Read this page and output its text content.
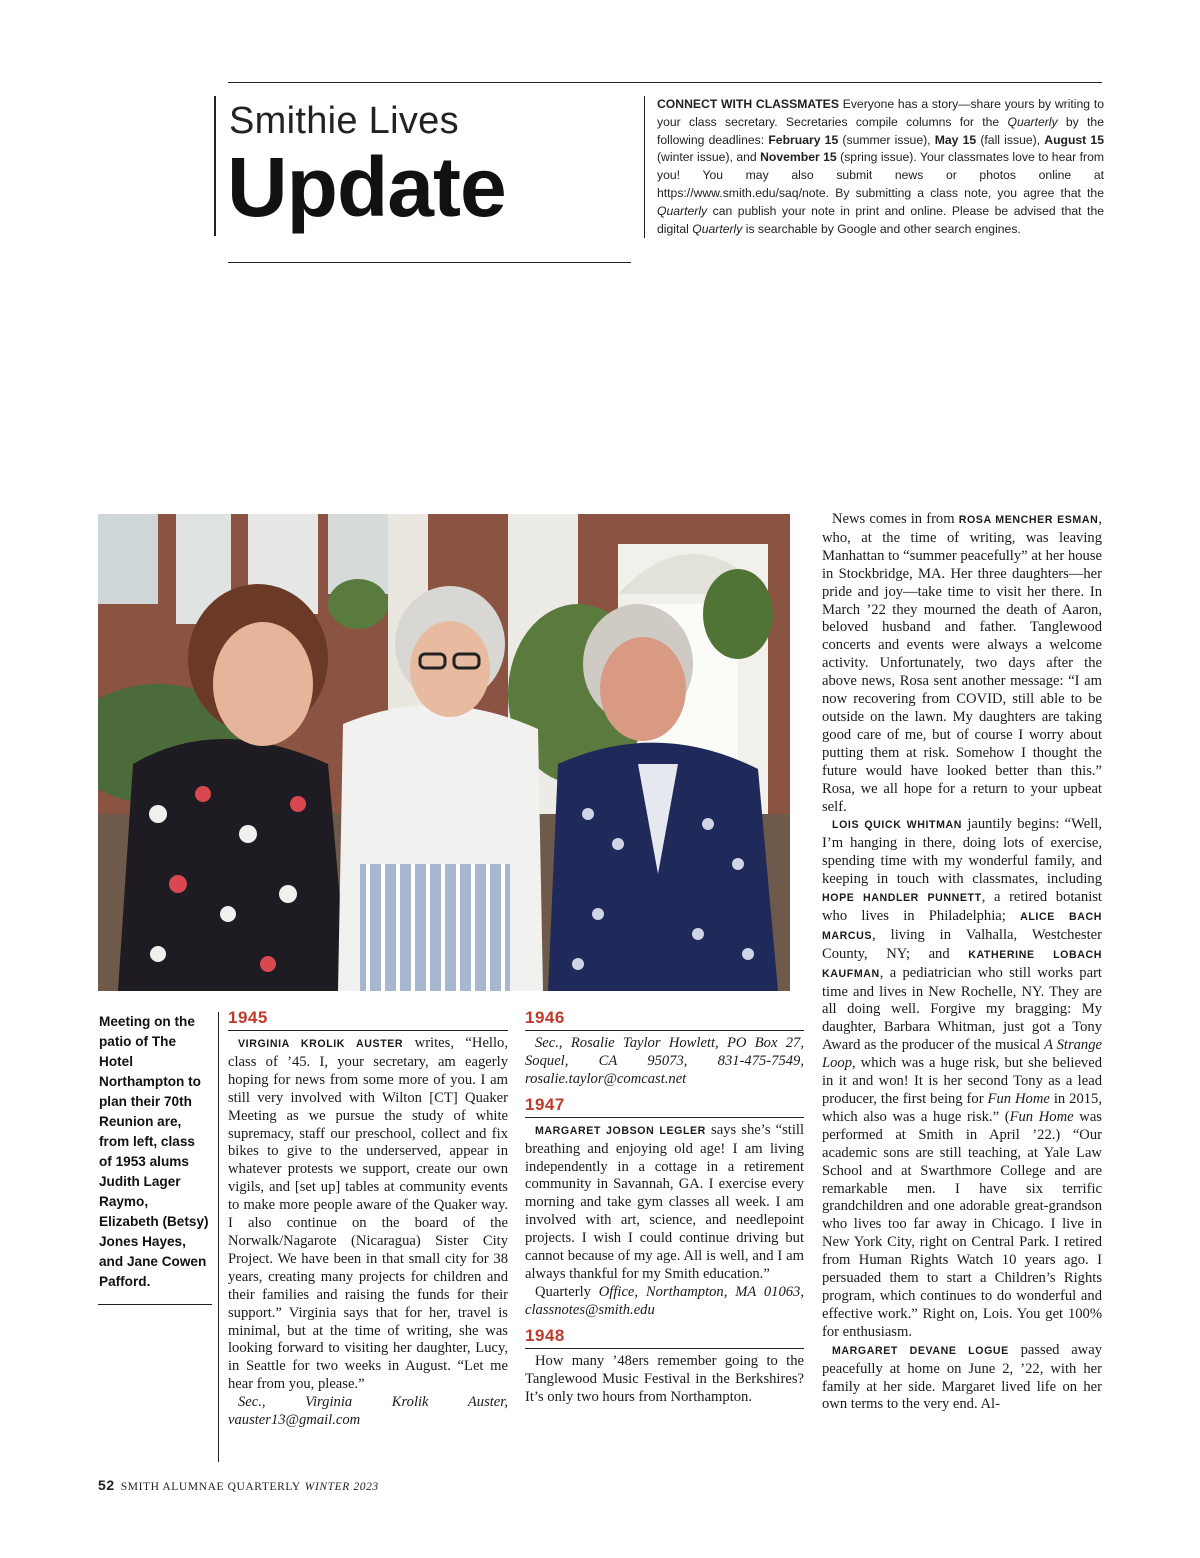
Smithie Lives
Update
CONNECT WITH CLASSMATES Everyone has a story—share yours by writing to your class secretary. Secretaries compile columns for the Quarterly by the following deadlines: February 15 (summer issue), May 15 (fall issue), August 15 (winter issue), and November 15 (spring issue). Your classmates love to hear from you! You may also submit news or photos online at https://www.smith.edu/saq/note. By submitting a class note, you agree that the Quarterly can publish your note in print and online. Please be advised that the digital Quarterly is searchable by Google and other search engines.
Meeting on the patio of The Hotel Northampton to plan their 70th Reunion are, from left, class of 1953 alums Judith Lager Raymo, Elizabeth (Betsy) Jones Hayes, and Jane Cowen Pafford.
1945

VIRGINIA KROLIK AUSTER writes, “Hello, class of ’45. I, your secretary, am eagerly hoping for news from some more of you. I am still very involved with Wilton [CT] Quaker Meeting as we pursue the study of white supremacy, staff our preschool, collect and fix bikes to give to the underserved, appear in whatever protests we support, create our own vigils, and [set up] tables at community events to make more people aware of the Quaker way. I also continue on the board of the Norwalk/Nagarote (Nicaragua) Sister City Project. We have been in that small city for 38 years, creating many projects for children and their families and raising the funds for their support.” Virginia says that for her, travel is minimal, but at the time of writing, she was looking forward to visiting her daughter, Lucy, in Seattle for two weeks in August. “Let me hear from you, please.”

Sec., Virginia Krolik Auster, vauster13@gmail.com

1946

Sec., Rosalie Taylor Howlett, PO Box 27, Soquel, CA 95073, 831-475-7549, rosalie.taylor@comcast.net

1947

MARGARET JOBSON LEGLER says she’s “still breathing and enjoying old age! I am living independently in a cottage in a retirement community in Savannah, GA. I exercise every morning and take gym classes all week. I am involved with art, science, and needlepoint projects. I wish I could continue driving but cannot because of my age. All is well, and I am always thankful for my Smith education.”

Quarterly Office, Northampton, MA 01063, classnotes@smith.edu

1948

How many ’48ers remember going to the Tanglewood Music Festival in the Berkshires? It’s only two hours from Northampton.

News comes in from ROSA MENCHER ESMAN, who, at the time of writing, was leaving Manhattan to “summer peacefully” at her house in Stockbridge, MA. Her three daughters—her pride and joy—take time to visit her there. In March ’22 they mourned the death of Aaron, beloved husband and father. Tanglewood concerts and events were always a welcome activity. Unfortunately, two days after the above news, Rosa sent another message: “I am now recovering from COVID, still able to be outside on the lawn. My daughters are taking good care of me, but of course I worry about putting them at risk. Somehow I thought the future would have looked better than this.” Rosa, we all hope for a return to your upbeat self.

LOIS QUICK WHITMAN jauntily begins: “Well, I’m hanging in there, doing lots of exercise, spending time with my wonderful family, and keeping in touch with classmates, including HOPE HANDLER PUNNETT, a retired botanist who lives in Philadelphia; ALICE BACH MARCUS, living in Valhalla, Westchester County, NY; and KATHERINE LOBACH KAUFMAN, a pediatrician who still works part time and lives in New Rochelle, NY. They are all doing well. Forgive my bragging: My daughter, Barbara Whitman, just got a Tony Award as the producer of the musical A Strange Loop, which was a huge risk, but she believed in it and won! It is her second Tony as a lead producer, the first being for Fun Home in 2015, which also was a huge risk.” (Fun Home was performed at Smith in April ’22.) “Our academic sons are still teaching, at Yale Law School and at Swarthmore College and are remarkable men. I have six terrific grandchildren and one adorable great-grandson who lives too far away in Chicago. I live in New York City, right on Central Park. I retired from Human Rights Watch 10 years ago. I persuaded them to start a Children’s Rights program, which continues to do wonderful and effective work.” Right on, Lois. You get 100% for enthusiasm.

MARGARET DEVANE LOGUE passed away peacefully at home on June 2, ’22, with her family at her side. Margaret lived life on her own terms to the very end. Al-

52 SMITH ALUMNAE QUARTERLY WINTER 2023
